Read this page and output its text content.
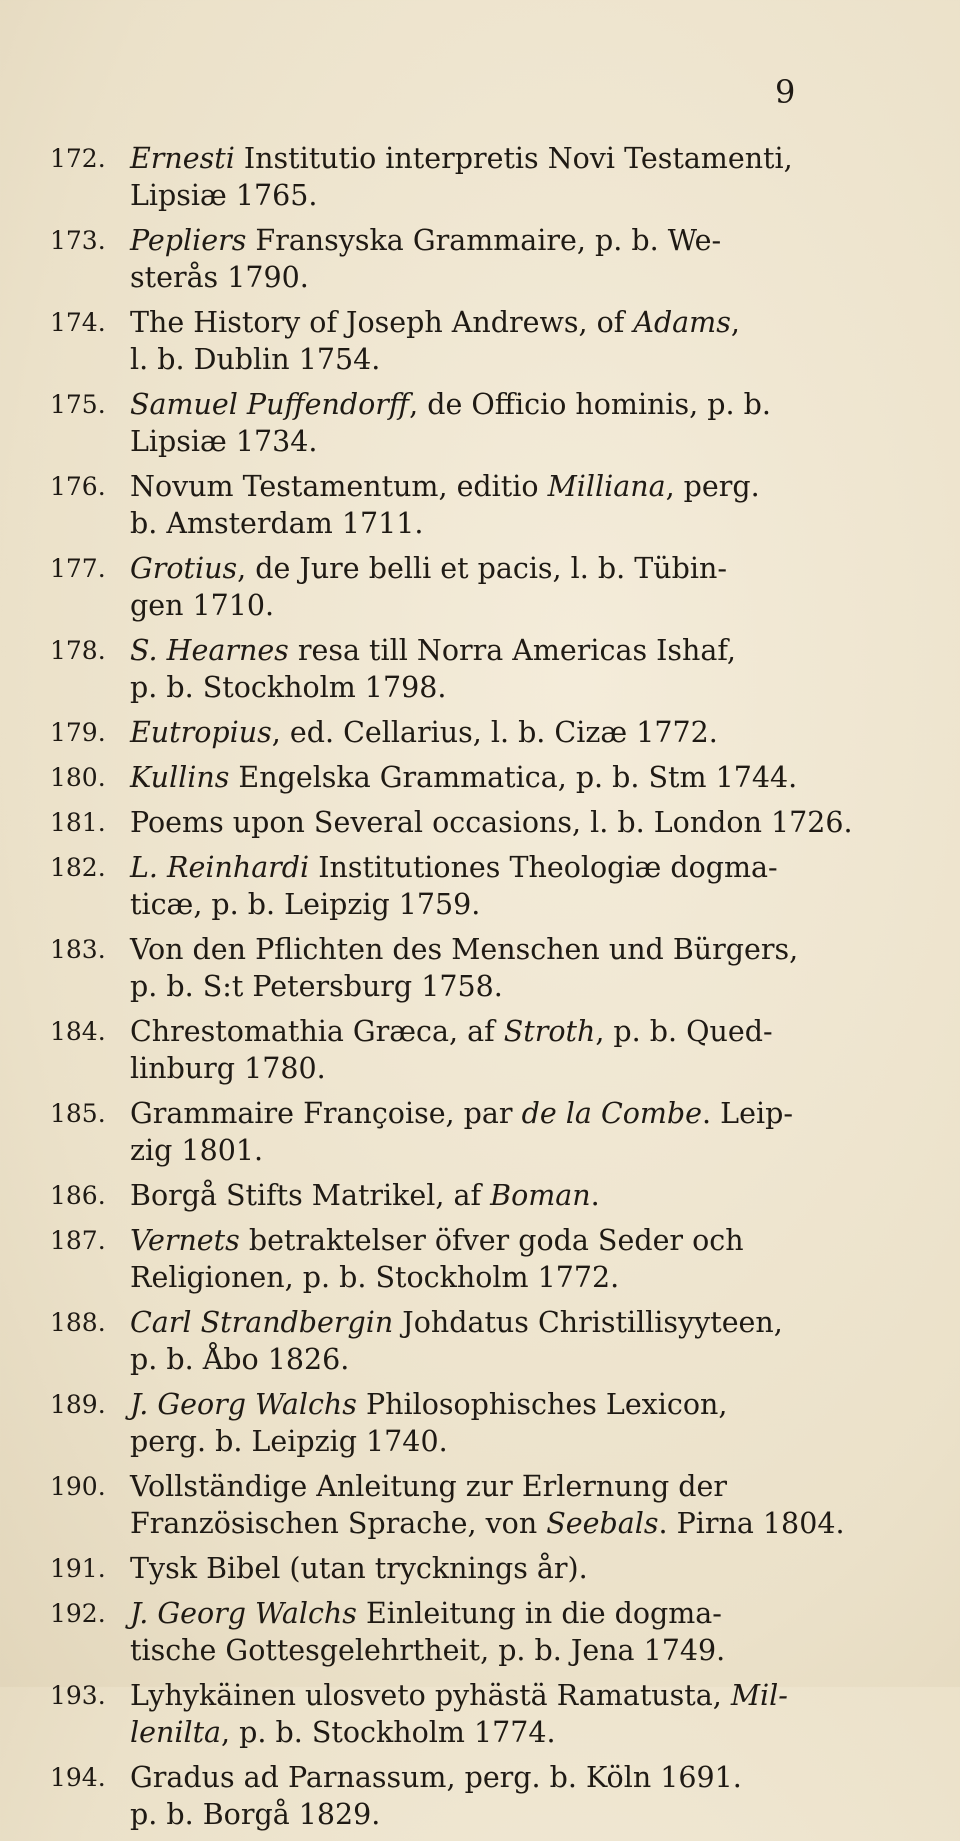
9
172. Ernesti Institutio interpretis Novi Testamenti,
Lipsiæ 1765.
173. Pepliers Fransyska Grammaire, p. b. We-
sterås 1790.
174. The History of Joseph Andrews, of Adams,
l. b. Dublin 1754.
175. Samuel Puffendorff, de Officio hominis, p. b.
Lipsiæ 1734.
176. Novum Testamentum, editio Milliana, perg.
b. Amsterdam 1711.
177. Grotius, de Jure belli et pacis, l. b. Tübin-
gen 1710.
178. S. Hearnes resa till Norra Americas Ishaf,
p. b. Stockholm 1798.
179. Eutropius, ed. Cellarius, l. b. Cizæ 1772.
180. Kullins Engelska Grammatica, p. b. Stm 1744.
181. Poems upon Several occasions, l. b. London 1726.
182. L. Reinhardi Institutiones Theologiæ dogma-
ticæ, p. b. Leipzig 1759.
183. Von den Pflichten des Menschen und Bürgers,
p. b. S:t Petersburg 1758.
184. Chrestomathia Græca, af Stroth, p. b. Qued-
linburg 1780.
185. Grammaire Françoise, par de la Combe. Leip-
zig 1801.
186. Borgå Stifts Matrikel, af Boman.
187. Vernets betraktelser öfver goda Seder och
Religionen, p. b. Stockholm 1772.
188. Carl Strandbergin Johdatus Christillisyyteen,
p. b. Åbo 1826.
189. J. Georg Walchs Philosophisches Lexicon,
perg. b. Leipzig 1740.
190. Vollständige Anleitung zur Erlernung der
Französischen Sprache, von Seebals. Pirna 1804.
191. Tysk Bibel (utan trycknings år).
192. J. Georg Walchs Einleitung in die dogma-
tische Gottesgelehrtheit, p. b. Jena 1749.
193. Lyhykäinen ulosveto pyhästä Ramatusta, Mil-
lenilta, p. b. Stockholm 1774.
194. Gradus ad Parnassum, perg. b. Köln 1691.
p. b. Borgå 1829.
